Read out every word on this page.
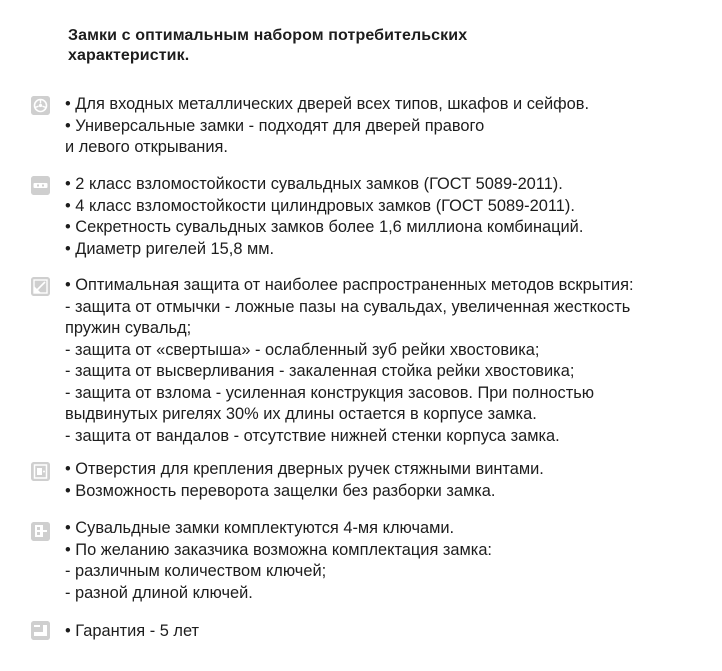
Замки с оптимальным набором потребительских
характеристик.
• Для входных металлических дверей всех типов, шкафов и сейфов.
• Универсальные замки - подходят для дверей правого
и левого открывания.
• 2 класс взломостойкости сувальдных замков (ГОСТ 5089-2011).
• 4 класс взломостойкости цилиндровых замков (ГОСТ 5089-2011).
• Секретность сувальдных замков более 1,6 миллиона комбинаций.
• Диаметр ригелей 15,8 мм.
• Оптимальная защита от наиболее распространенных методов вскрытия:
- защита от отмычки - ложные пазы на сувальдах, увеличенная жесткость
пружин сувальд;
- защита от «свертыша» - ослабленный зуб рейки хвостовика;
- защита от высверливания - закаленная стойка рейки хвостовика;
- защита от взлома - усиленная конструкция засовов. При полностью
выдвинутых ригелях 30% их длины остается в корпусе замка.
- защита от вандалов - отсутствие нижней стенки корпуса замка.
• Отверстия для крепления дверных ручек стяжными винтами.
• Возможность переворота защелки без разборки замка.
• Сувальдные замки комплектуются 4-мя ключами.
• По желанию заказчика возможна комплектация замка:
- различным количеством ключей;
- разной длиной ключей.
• Гарантия - 5 лет
